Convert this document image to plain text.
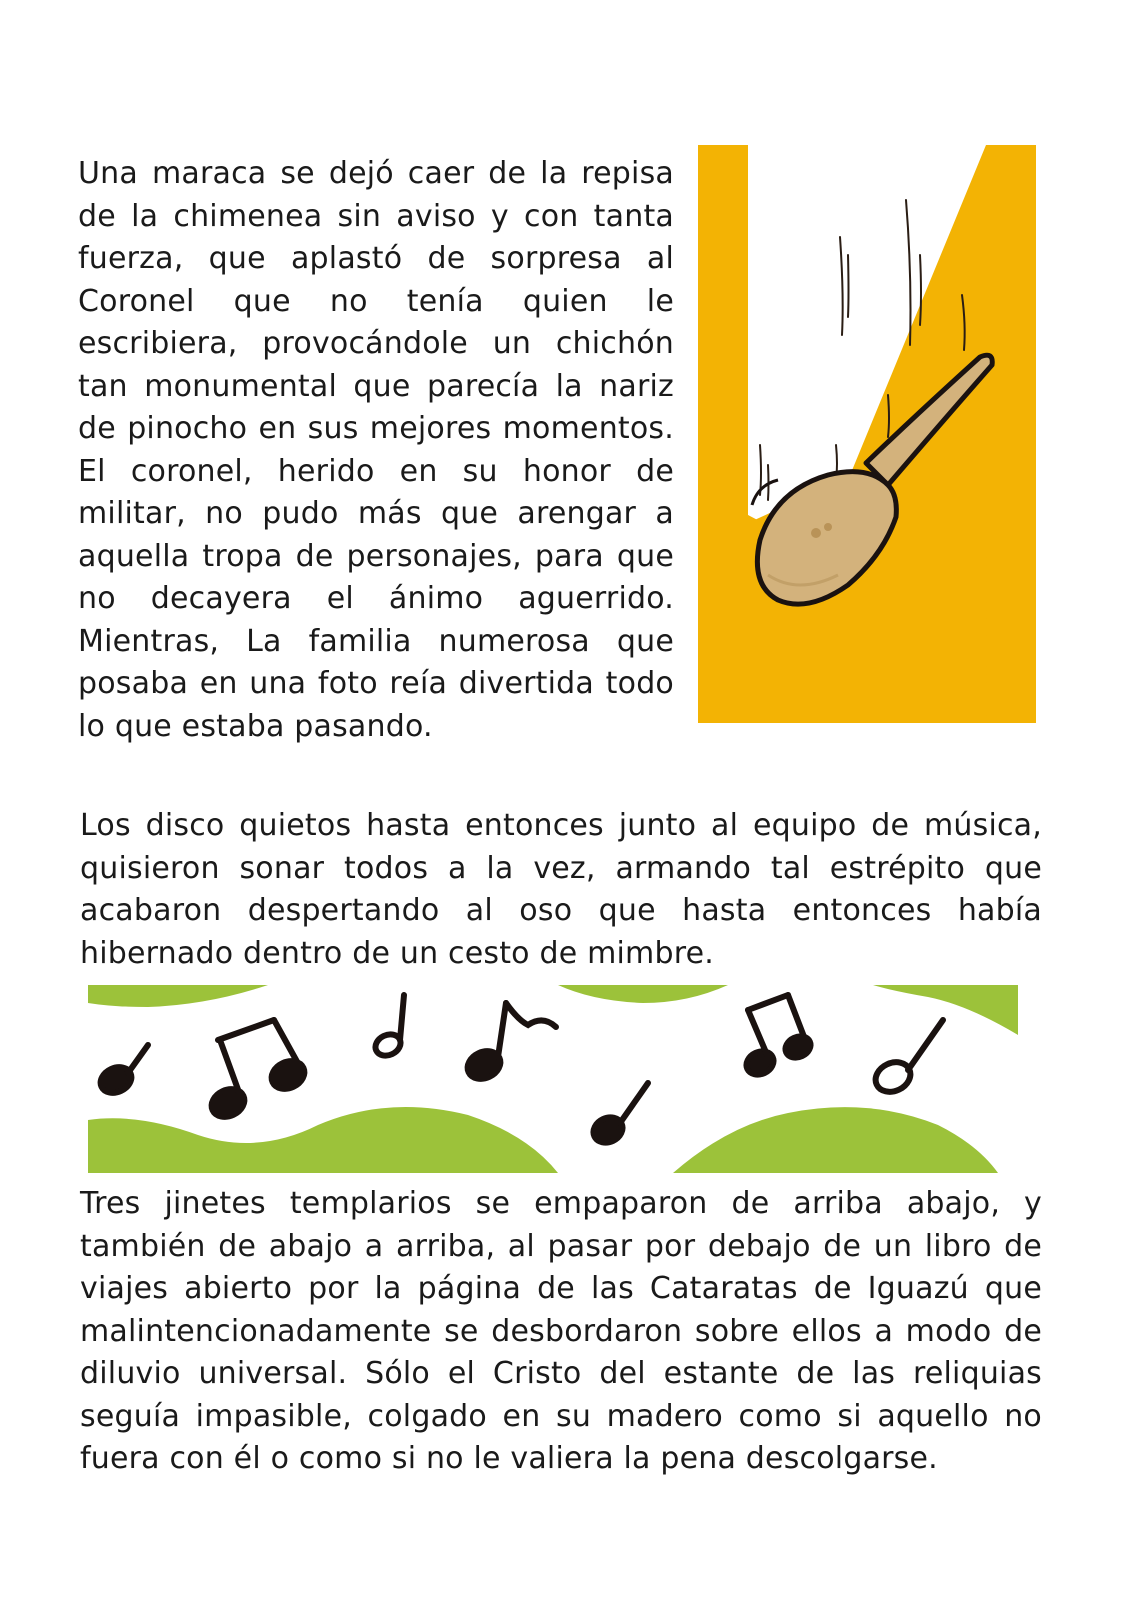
Una maraca se dejó caer de la repisa de la chimenea sin aviso y con tanta fuerza, que aplastó de sorpresa al Coronel que no tenía quien le escribiera, provocándole un chichón tan monumental que parecía la nariz de pinocho en sus mejores momentos. El coronel, herido en su honor de militar, no pudo más que arengar a aquella tropa de personajes, para que no decayera el ánimo aguerrido. Mientras, La familia numerosa que posaba en una foto reía divertida todo lo que estaba pasando.

Los disco quietos hasta entonces junto al equipo de música, quisieron sonar todos a la vez, armando tal estrépito que acabaron despertando al oso que hasta entonces había hibernado dentro de un cesto de mimbre.

Tres jinetes templarios se empaparon de arriba abajo, y también de abajo a arriba, al pasar por debajo de un libro de viajes abierto por la página de las Cataratas de Iguazú que malintencionadamente se desbordaron sobre ellos a modo de diluvio universal. Sólo el Cristo del estante de las reliquias seguía impasible, colgado en su madero como si aquello no fuera con él o como si no le valiera la pena descolgarse.
